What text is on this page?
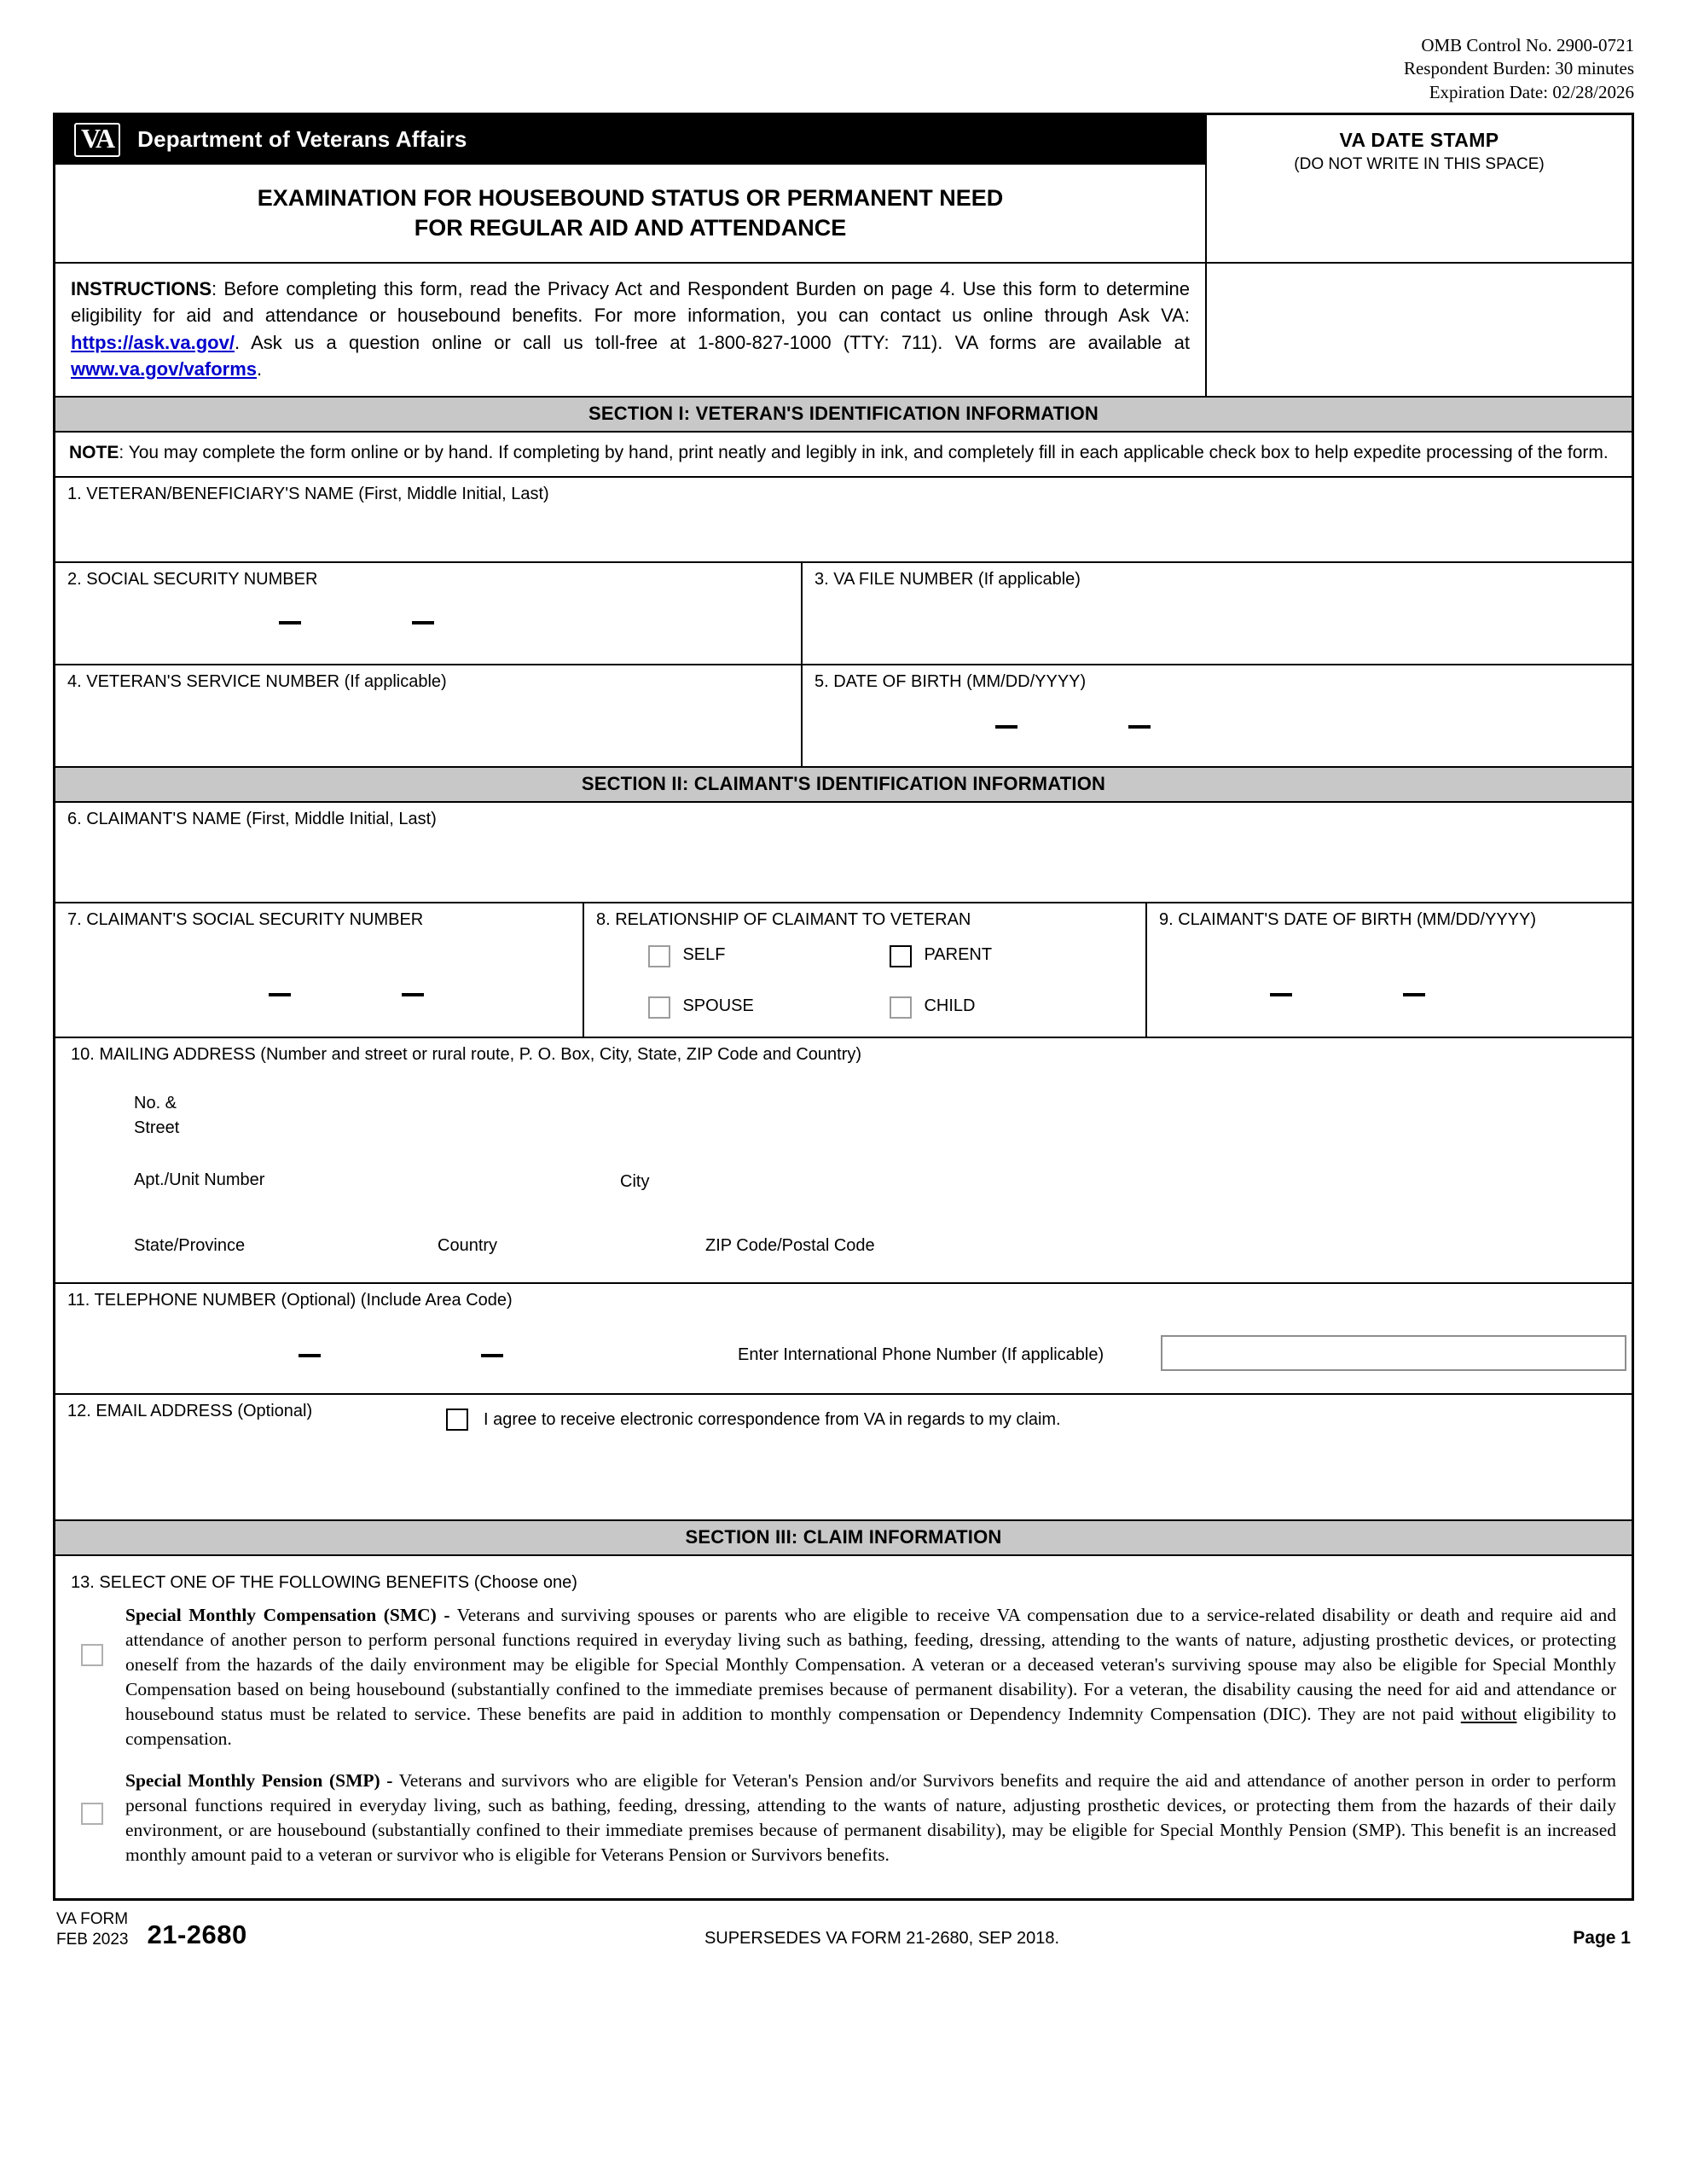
OMB Control No. 2900-0721
Respondent Burden: 30 minutes
Expiration Date: 02/28/2026
VA	Department of Veterans Affairs
EXAMINATION FOR HOUSEBOUND STATUS OR PERMANENT NEED
FOR REGULAR AID AND ATTENDANCE
VA DATE STAMP
(DO NOT WRITE IN THIS SPACE)
INSTRUCTIONS: Before completing this form, read the Privacy Act and Respondent Burden on page 4. Use this form to determine eligibility for aid and attendance or housebound benefits. For more information, you can contact us online through Ask VA: https://ask.va.gov/. Ask us a question online or call us toll-free at 1-800-827-1000 (TTY: 711). VA forms are available at www.va.gov/vaforms.
SECTION I: VETERAN'S IDENTIFICATION INFORMATION
NOTE: You may complete the form online or by hand. If completing by hand, print neatly and legibly in ink, and completely fill in each applicable check box to help expedite processing of the form.
1. VETERAN/BENEFICIARY'S NAME (First, Middle Initial, Last)
2. SOCIAL SECURITY NUMBER	3. VA FILE NUMBER (If applicable)
4. VETERAN'S SERVICE NUMBER (If applicable)	5. DATE OF BIRTH (MM/DD/YYYY)
SECTION II: CLAIMANT'S IDENTIFICATION INFORMATION
6. CLAIMANT'S NAME (First, Middle Initial, Last)
7. CLAIMANT'S SOCIAL SECURITY NUMBER	8. RELATIONSHIP OF CLAIMANT TO VETERAN
SELF
SPOUSE
PARENT
CHILD
9. CLAIMANT'S DATE OF BIRTH (MM/DD/YYYY)
10. MAILING ADDRESS (Number and street or rural route, P. O. Box, City, State, ZIP Code and Country)
No. &
Street
Apt./Unit Number	City
State/Province	Country	ZIP Code/Postal Code
11. TELEPHONE NUMBER (Optional) (Include Area Code)
Enter International Phone Number (If applicable)
12. EMAIL ADDRESS (Optional)	I agree to receive electronic correspondence from VA in regards to my claim.
SECTION III: CLAIM INFORMATION
13. SELECT ONE OF THE FOLLOWING BENEFITS (Choose one)
Special Monthly Compensation (SMC) - Veterans and surviving spouses or parents who are eligible to receive VA compensation due to a service-related disability or death and require aid and attendance of another person to perform personal functions required in everyday living such as bathing, feeding, dressing, attending to the wants of nature, adjusting prosthetic devices, or protecting oneself from the hazards of the daily environment may be eligible for Special Monthly Compensation. A veteran or a deceased veteran's surviving spouse may also be eligible for Special Monthly Compensation based on being housebound (substantially confined to the immediate premises because of permanent disability). For a veteran, the disability causing the need for aid and attendance or housebound status must be related to service. These benefits are paid in addition to monthly compensation or Dependency Indemnity Compensation (DIC). They are not paid without eligibility to compensation.
Special Monthly Pension (SMP) - Veterans and survivors who are eligible for Veteran's Pension and/or Survivors benefits and require the aid and attendance of another person in order to perform personal functions required in everyday living, such as bathing, feeding, dressing, attending to the wants of nature, adjusting prosthetic devices, or protecting them from the hazards of their daily environment, or are housebound (substantially confined to their immediate premises because of permanent disability), may be eligible for Special Monthly Pension (SMP). This benefit is an increased monthly amount paid to a veteran or survivor who is eligible for Veterans Pension or Survivors benefits.
VA FORM
FEB 2023 21-2680	SUPERSEDES VA FORM 21-2680, SEP 2018.	Page 1
